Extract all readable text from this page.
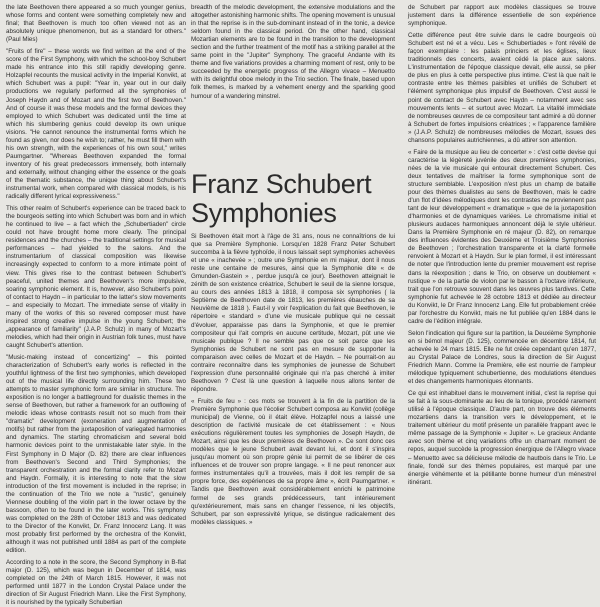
the late Beethoven there appeared a so much younger genius, whose forms and content were something completely new and final; that Beethoven is much too often viewed not as an absolutely unique phenomenon, but as a standard for others." (Paul Mies)

"Fruits of fire" – these words we find written at the end of the score of the First Symphony, with which the school-boy Schubert made his entrance into this still rapidly developing genre. Holzapfel recounts the musical activity in the Imperial Konvikt, at which Schubert was a pupil: "Year in, year out in our daily productions we regularly performed all the symphonies of Joseph Haydn and of Mozart and the first two of Beethoven." And of course it was these models and the formal devices they employed to which Schubert was dedicated until the time at which his slumbering genius could develop its own unique visions. "He cannot renounce the instrumental forms which he found as given, nor does he wish to; rather, he must fill them with his own strength, with the experiences of his own soul," writes Paumgartner. "Whereas Beethoven expanded the formal inventory of his great predecessors immensely, both internally and externally, without changing either the essence or the goals of the thematic substance, the unique thing about Schubert's instrumental work, when compared with classical models, is his radically different lyrical expressiveness."

This other realm of Schubert's experience can be traced back to the bourgeois setting into which Schubert was born and in which he continued to live – a fact which the „Schubertiaden" circle could not have brought home more clearly. The principal residences and the churches – the traditional settings for musical performances – had yielded to the salons. And the instrumentarium of classical composition was likewise increasingly expected to conform to a more intimate point of view. This gives rise to the contrast between Schubert's peaceful, united themes and Beethoven's more impulsive, soaring symphonic element. It is, however, also Schubert's point of contact to Haydn – in particular to the latter's slow movements – and especially to Mozart. The immediate sense of vitality in many of the works of this so revered composer must have inspired strong creative impulse in the young Schubert; the „appearance of familiarity" (J.A.P. Schulz) in many of Mozart's melodies, which had their origin in Austrian folk tunes, must have caught Schubert's attention.

"Music-making instead of concertizing" – this pointed characterization of Schubert's early works is reflected in the youthful lightness of the first two symphonies, which developed out of the musical life directly surrounding him. These two attempts to master symphonic form are similar in structure. The exposition is no longer a battleground for dualistic themes in the sense of Beethoven, but rather a framework for an outflowing of melodic ideas whose contrasts result not so much from their "dramatic" development (exoneration and augmentation of motifs) but rather from the juxtaposition of variegated harmonies and dynamics. The starting chromaticism and several bold harmonic devices point to the unmistakable later style. In the First Symphony in D Major (D. 82) there are clear influences from Beethoven's Second and Third Symphonies; the transparent orchestration and the formal clarity refer to Mozart and Haydn. Formally, it is interesting to note that the slow introduction of the first movement is included in the reprise; in the continuation of the Trio we note a "rustic", genuinely Viennese doubling of the violin part in the lower octave by the bassoon, often to be found in the later works. This symphony was completed on the 28th of October 1813 and was dedicated to the Director of the Konvikt, Dr. Franz Innocenz Lang. It was most probably first performed by the orchestra of the Konvikt, although it was not published until 1884 as part of the complete edition.

According to a note in the score, the Second Symphony in B-flat major (D. 125), which was begun in December of 1814, was completed on the 24th of March 1815. However, it was not performed until 1877 in the London Crystal Palace under the direction of Sir August Friedrich Mann. Like the First Symphony, it is nourished by the typically Schubertian

breadth of the melodic development, the extensive modulations and the altogether astonishing harmonic shifts. The opening movement is unusual in that the reprise is in the sub-dominant instead of in the tonic, a device seldom found in the classical period. On the other hand, classical Mozartian elements are to be found in the transition to the development section and the further treatment of the motif has a striking parallel at the same point in the "Jupiter" Symphony. The graceful Andante with its theme and five variations provides a charming moment of rest, only to be succeeded by the energetic progress of the Allegro vivace – Menuetto with its delightful oboe melody in the Trio section. The finale, based upon folk themes, is marked by a vehement energy and the sparkling good humour of a wandering minstrel.

Franz Schubert
Symphonies

Si Beethoven était mort à l'âge de 31 ans, nous ne connaîtrions de lui que sa Première Symphonie. Lorsqu'en 1828 Franz Peter Schubert succomba à la fièvre typhoïde, il nous laissait sept symphonies achevées et une « inachevée » ; outre une Symphonie en mi majeur, dont il nous reste une centaine de mesures, ainsi que la Symphonie dite « de Gmunden-Gastein » , perdue jusqu'à ce jour). Beethoven atteignait le zénith de son existence créatrice, Schubert le seuil de la sienne lorsque, au cours des années 1813 à 1818, il composa six symphonies ( la Septième de Beethoven date de 1813, les premières ébauches de sa Neuvième de 1818 ). Faut-il y voir l'explication du fait que Beethoven, le répertoire « standard » d'une vie musicale publique qui ne cessait d'évoluer, apparaisse pas dans la Symphonie, et que le premier compositeur qui l'ait compris en aucune certitude, Mozart, pût une vie musicale publique ? Il ne semble pas que ce soit parce que les Symphonies de Schubert ne sont pas en mesure de supporter la comparaison avec celles de Mozart et de Haydn. – Ne pourrait-on au contraire reconnaître dans les symphonies de jeunesse de Schubert l'expression d'une personnalité originale qui n'a pas cherché à imiter Beethoven ? C'est là une question à laquelle nous allons tenter de répondre.

« Fruits de feu » : ces mots se trouvent à la fin de la partition de la Première Symphonie que l'écolier Schubert composa au Konvikt (collège municipal) de Vienne, où il était élève. Holzapfel nous a laissé une description de l'activité musicale de cet établissement : « Nous exécutions régulièrement toutes les symphonies de Joseph Haydn, de Mozart, ainsi que les deux premières de Beethoven ». Ce sont donc ces modèles que le jeune Schubert avait devant lui, et dont il s'inspira jusqu'au moment où son propre génie lui permit de se libérer de ces influences et de trouver son propre langage. « Il ne peut renoncer aux formes instrumentales qu'il a trouvées, mais il doit les remplir de sa propre force, des expériences de sa propre âme », écrit Paumgartner. « Tandis que Beethoven avait considérablement enrichi le patrimoine formel de ses grands prédécesseurs, tant intérieurement qu'extérieurement, mais sans en changer l'essence, ni les objectifs, Schubert, par son expressivité lyrique, se distingue radicalement des modèles classiques. »

de Schubert par rapport aux modèles classiques se trouve justement dans la différence essentielle de son expérience symphonique.

Cette différence peut être suivie dans le cadre bourgeois où Schubert est né et a vécu. Les « Schubertiades » l'ont révélé de façon exemplaire : les palais princiers et les églises, lieux traditionnels des concerts, avaient cédé la place aux salons. L'instrumentation de l'époque classique devait, elle aussi, se plier de plus en plus à cette perspective plus intime. C'est là que naît le contraste entre les thèmes paisibles et unifiés de Schubert et l'élément symphonique plus impulsif de Beethoven. C'est aussi le point de contact de Schubert avec Haydn – notamment avec ses mouvements lents – et surtout avec Mozart. La vitalité immédiate de nombreuses œuvres de ce compositeur tant admiré a dû donner à Schubert de fortes impulsions créatrices ; « l'apparence familière » (J.A.P. Schulz) de nombreuses mélodies de Mozart, issues des chansons populaires autrichiennes, a dû attirer son attention.

« Faire de la musique au lieu de concerter » : c'est cette devise qui caractérise la légèreté juvénile des deux premières symphonies, nées de la vie musicale qui entourait directement Schubert. Ces deux tentatives de maîtriser la forme symphonique sont de structure semblable. L'exposition n'est plus un champ de bataille pour des thèmes dualistes au sens de Beethoven, mais le cadre d'un flot d'idées mélodiques dont les contrastes ne proviennent pas tant de leur développement « dramatique » que de la juxtaposition d'harmonies et de dynamiques variées. Le chromatisme initial et plusieurs audaces harmoniques annoncent déjà le style ultérieur. Dans la Première Symphonie en ré majeur (D. 82), on remarque des influences évidentes des Deuxième et Troisième Symphonies de Beethoven ; l'orchestration transparente et la clarté formelle renvoient à Mozart et à Haydn. Sur le plan formel, il est intéressant de noter que l'introduction lente du premier mouvement est reprise dans la réexposition ; dans le Trio, on observe un doublement « rustique » de la partie de violon par le basson à l'octave inférieure, trait que l'on retrouve souvent dans les œuvres plus tardives. Cette symphonie fut achevée le 28 octobre 1813 et dédiée au directeur du Konvikt, le Dr Franz Innocenz Lang. Elle fut probablement créée par l'orchestre du Konvikt, mais ne fut publiée qu'en 1884 dans le cadre de l'édition intégrale.

Selon l'indication qui figure sur la partition, la Deuxième Symphonie en si bémol majeur (D. 125), commencée en décembre 1814, fut achevée le 24 mars 1815. Elle ne fut créée cependant qu'en 1877, au Crystal Palace de Londres, sous la direction de Sir August Friedrich Mann. Comme la Première, elle est nourrie de l'ampleur mélodique typiquement schubertienne, des modulations étendues et des changements harmoniques étonnants.

Ce qui est inhabituel dans le mouvement initial, c'est la reprise qui se fait à la sous-dominante au lieu de la tonique, procédé rarement utilisé à l'époque classique. D'autre part, on trouve des éléments mozartiens dans la transition vers le développement, et le traitement ultérieur du motif présente un parallèle frappant avec le même passage de la Symphonie « Jupiter ». Le gracieux Andante avec son thème et cinq variations offre un charmant moment de repos, auquel succède la progression énergique de l'Allegro vivace – Menuetto avec sa délicieuse mélodie de hautbois dans le Trio. Le finale, fondé sur des thèmes populaires, est marqué par une énergie véhémente et la pétillante bonne humeur d'un ménestrel itinérant.
